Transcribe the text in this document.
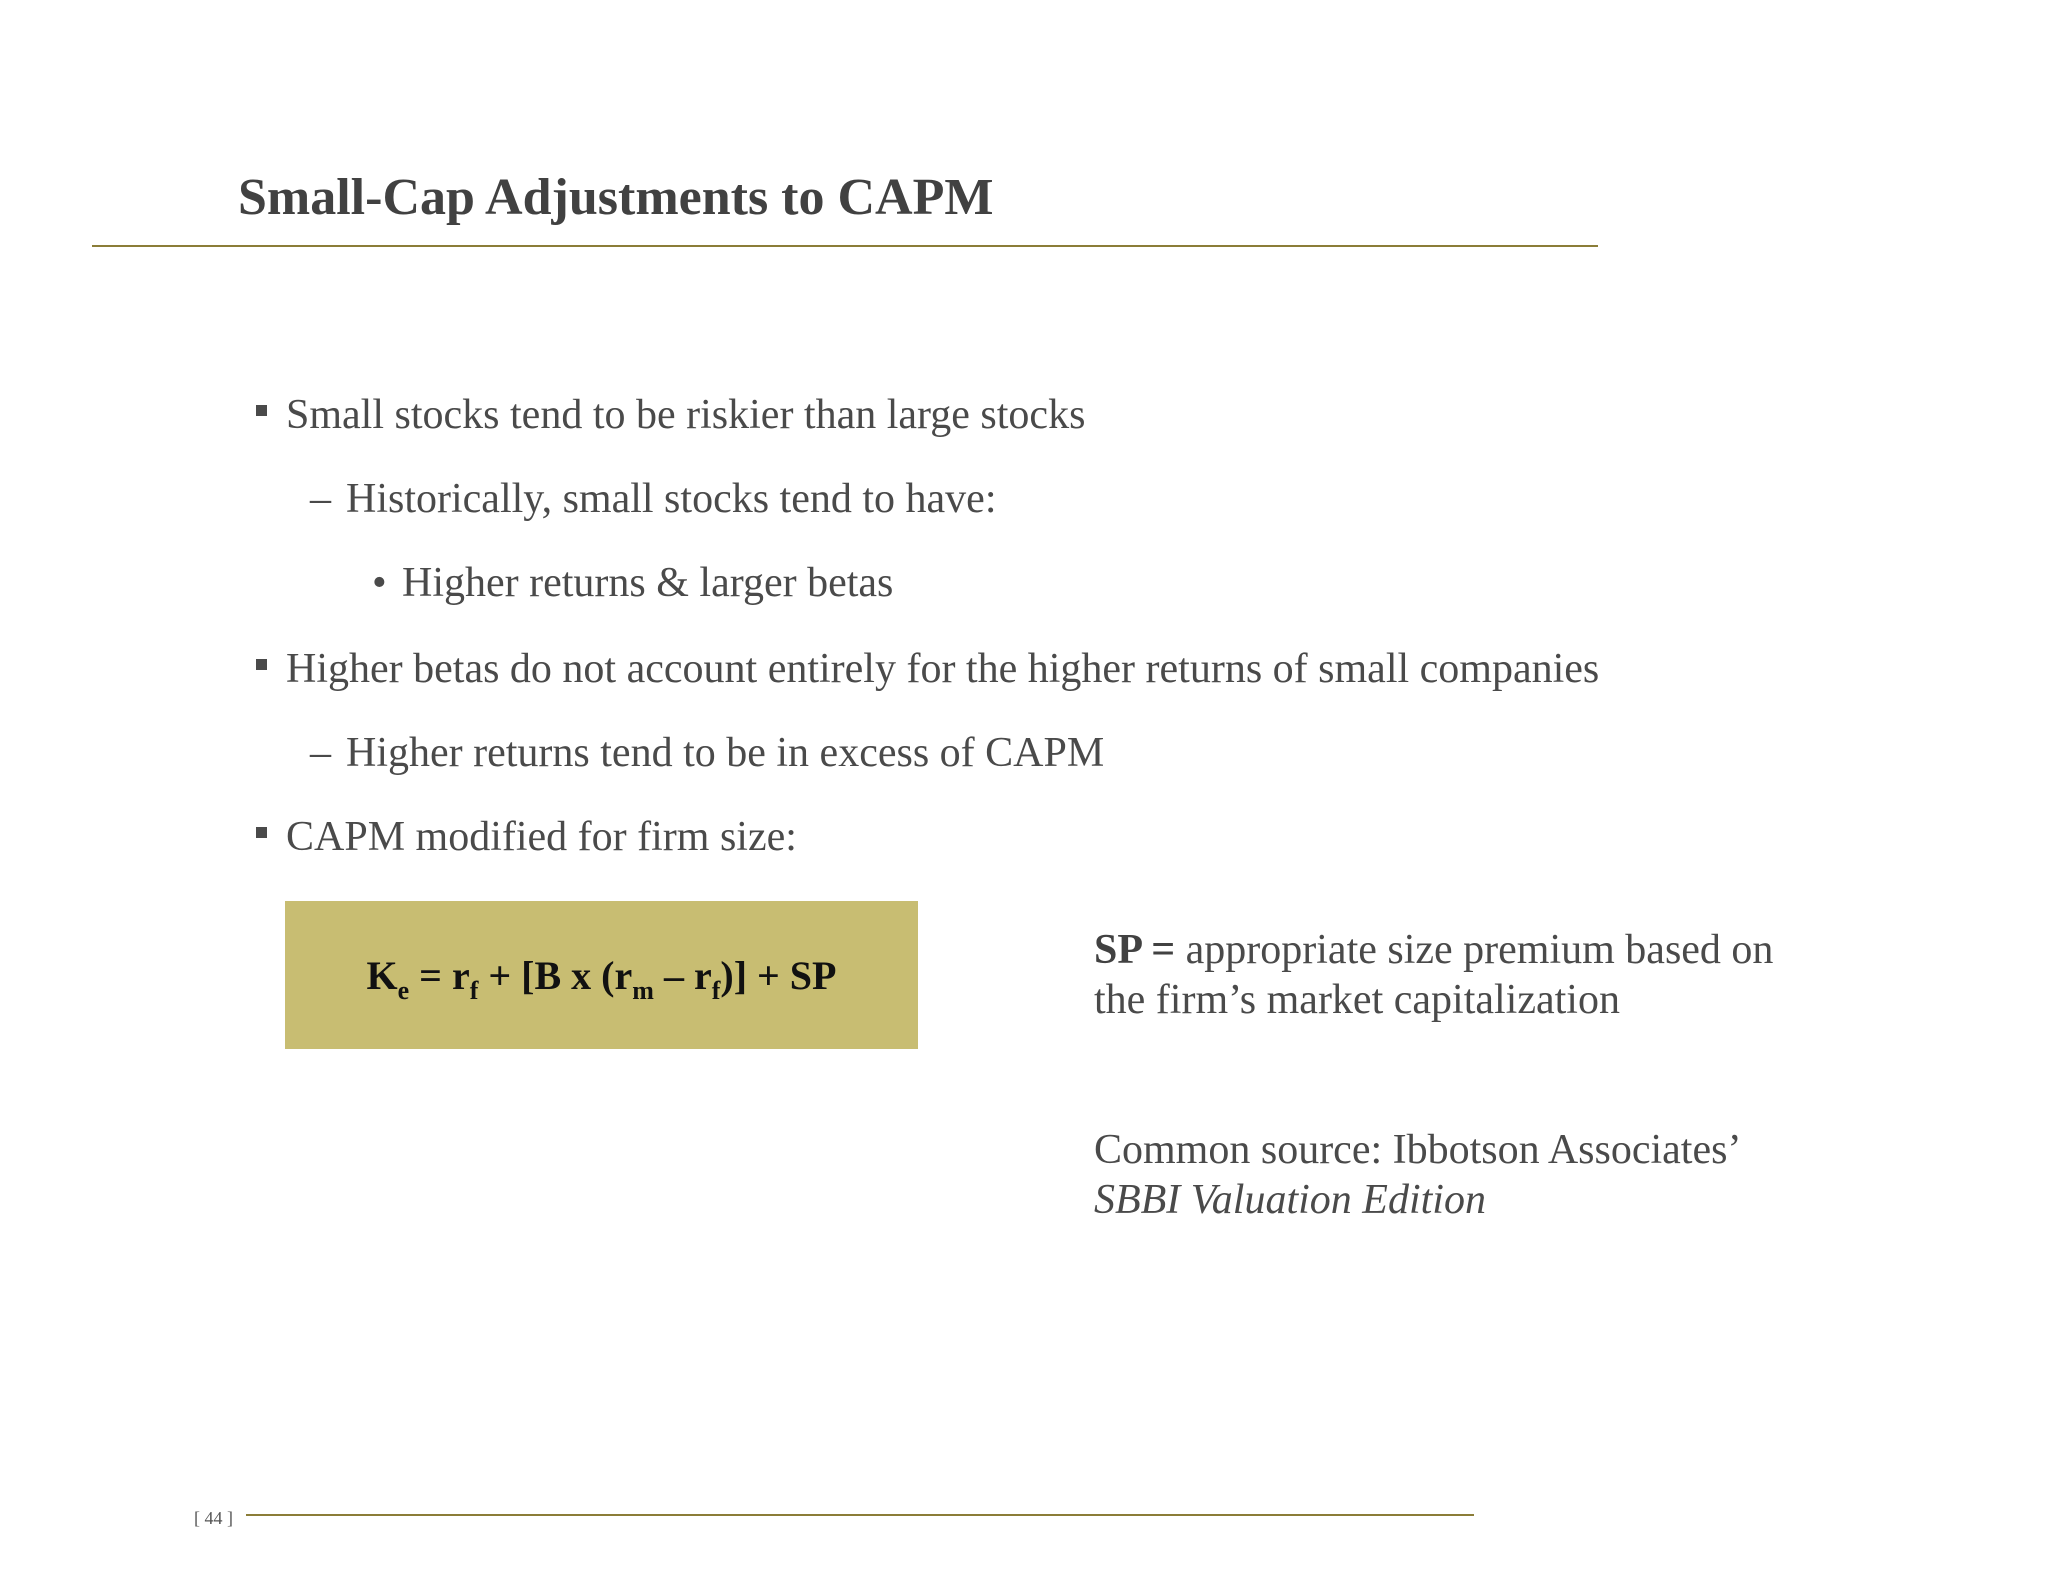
Small-Cap Adjustments to CAPM
Small stocks tend to be riskier than large stocks
– Historically, small stocks tend to have:
• Higher returns & larger betas
Higher betas do not account entirely for the higher returns of small companies
– Higher returns tend to be in excess of CAPM
CAPM modified for firm size:
$K_e = r_f + [B$ x $(r_m - r_f)$] + SP
SP = appropriate size premium based on
the firm’s market capitalization
Common source: Ibbotson Associates’
SBBI Valuation Edition
[ 44 ]
